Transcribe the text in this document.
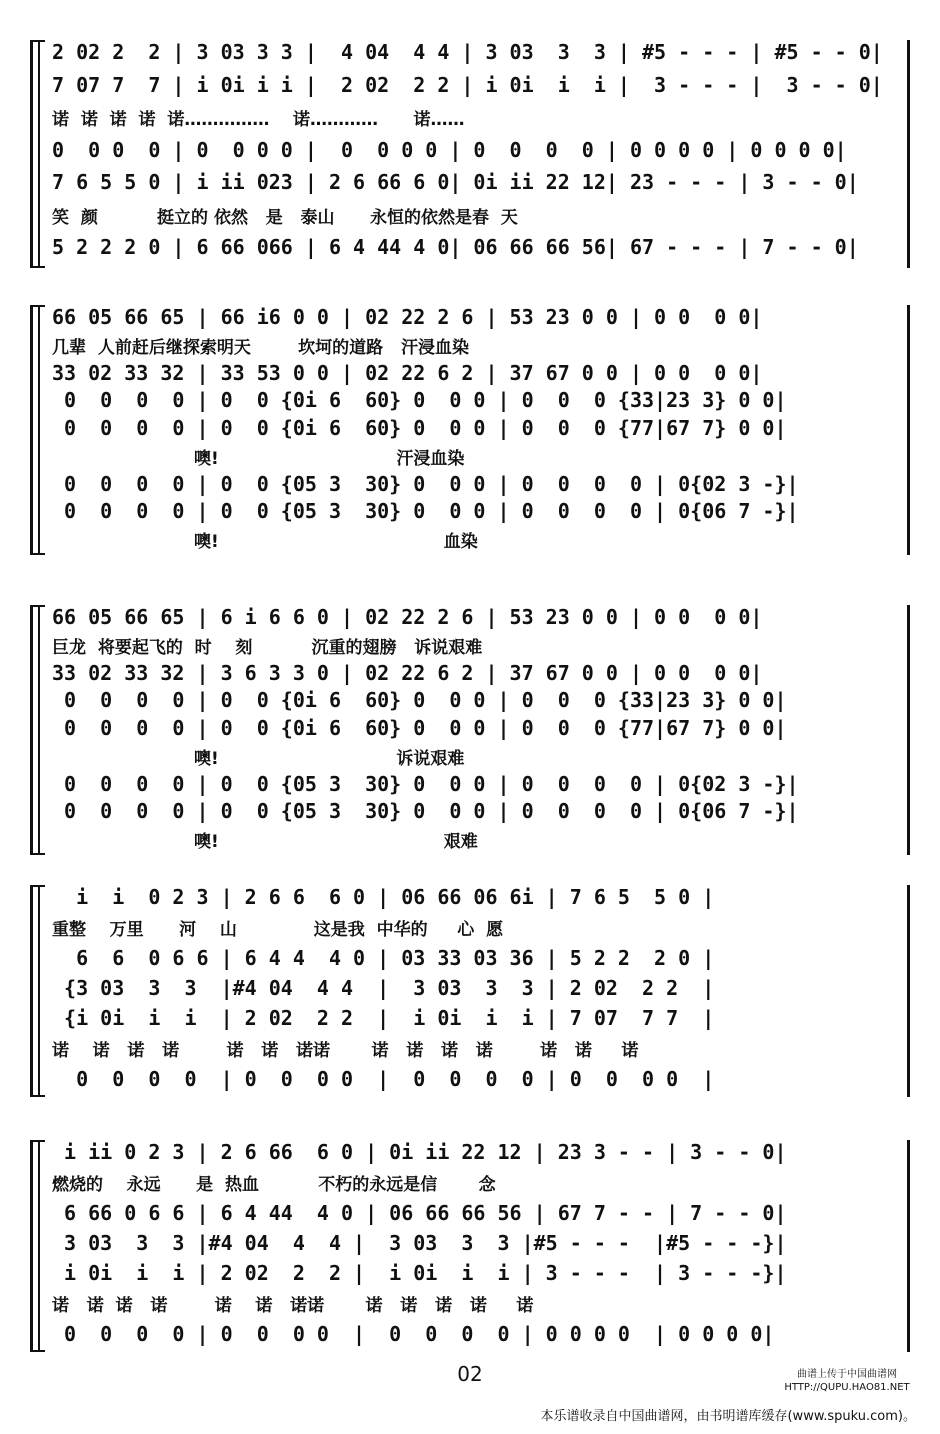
2 02 2  2 | 3 03 3 3 |  4 04  4 4 | 3 03  3  3 | #5 - - - | #5 - - 0|
7 07 7  7 | i 0i i i |  2 02  2 2 | i 0i  i  i |  3 - - - |  3 - - 0|
诺  诺  诺  诺  诺……………    诺…………      诺……
0  0 0  0 | 0  0 0 0 |  0  0 0 0 | 0  0  0  0 | 0 0 0 0 | 0 0 0 0|
7 6 5 5 0 | i ii 023 | 2 6 66 6 0| 0i ii 22 12| 23 - - - | 3 - - 0|
笑  颜          挺立的 依然   是   泰山      永恒的依然是春  天
5 2 2 2 0 | 6 66 066 | 6 4 44 4 0| 06 66 66 56| 67 - - - | 7 - - 0|
66 05 66 65 | 66 i6 0 0 | 02 22 2 6 | 53 23 0 0 | 0 0  0 0|
几辈  人前赶后继探索明天        坎坷的道路   汗浸血染
33 02 33 32 | 33 53 0 0 | 02 22 6 2 | 37 67 0 0 | 0 0  0 0|
0  0  0  0 | 0  0 {0i 6  60} 0  0 0 | 0  0  0 {33|23 3} 0 0|
0  0  0  0 | 0  0 {0i 6  60} 0  0 0 | 0  0  0 {77|67 7} 0 0|
噢!                              汗浸血染
0  0  0  0 | 0  0 {05 3  30} 0  0 0 | 0  0  0  0 | 0{02 3 -}|
0  0  0  0 | 0  0 {05 3  30} 0  0 0 | 0  0  0  0 | 0{06 7 -}|
噢!                                      血染
66 05 66 65 | 6 i 6 6 0 | 02 22 2 6 | 53 23 0 0 | 0 0  0 0|
巨龙  将要起飞的  时    刻          沉重的翅膀   诉说艰难
33 02 33 32 | 3 6 3 3 0 | 02 22 6 2 | 37 67 0 0 | 0 0  0 0|
0  0  0  0 | 0  0 {0i 6  60} 0  0 0 | 0  0  0 {33|23 3} 0 0|
0  0  0  0 | 0  0 {0i 6  60} 0  0 0 | 0  0  0 {77|67 7} 0 0|
噢!                              诉说艰难
0  0  0  0 | 0  0 {05 3  30} 0  0 0 | 0  0  0  0 | 0{02 3 -}|
0  0  0  0 | 0  0 {05 3  30} 0  0 0 | 0  0  0  0 | 0{06 7 -}|
噢!                                      艰难
i  i  0 2 3 | 2 6 6  6 0 | 06 66 06 6i | 7 6 5  5 0 |
重整    万里      河    山             这是我  中华的     心  愿
6  6  0 6 6 | 6 4 4  4 0 | 03 33 03 36 | 5 2 2  2 0 |
{3 03  3  3  |#4 04  4 4  |  3 03  3  3 | 2 02  2 2  |
{i 0i  i  i  | 2 02  2 2  |  i 0i  i  i | 7 07  7 7  |
诺    诺   诺   诺        诺   诺   诺诺       诺   诺   诺   诺        诺   诺     诺
0  0  0  0  | 0  0  0 0  |  0  0  0  0 | 0  0  0 0  |
i ii 0 2 3 | 2 6 66  6 0 | 0i ii 22 12 | 23 3 - - | 3 - - 0|
燃烧的    永远      是  热血          不朽的永远是信       念
6 66 0 6 6 | 6 4 44  4 0 | 06 66 66 56 | 67 7 - - | 7 - - 0|
3 03  3  3 |#4 04  4  4 |  3 03  3  3 |#5 - - -  |#5 - - -}|
i 0i  i  i | 2 02  2  2 |  i 0i  i  i | 3 - - -  | 3 - - -}|
诺   诺  诺   诺        诺    诺   诺诺       诺   诺   诺   诺     诺
0  0  0  0 | 0  0  0 0  |  0  0  0  0 | 0 0 0 0  | 0 0 0 0|
02	曲谱上传于中国曲谱网
HTTP://QUPU.HAO81.NET
本乐谱收录自中国曲谱网，由书明谱库缓存(www.spuku.com)。
